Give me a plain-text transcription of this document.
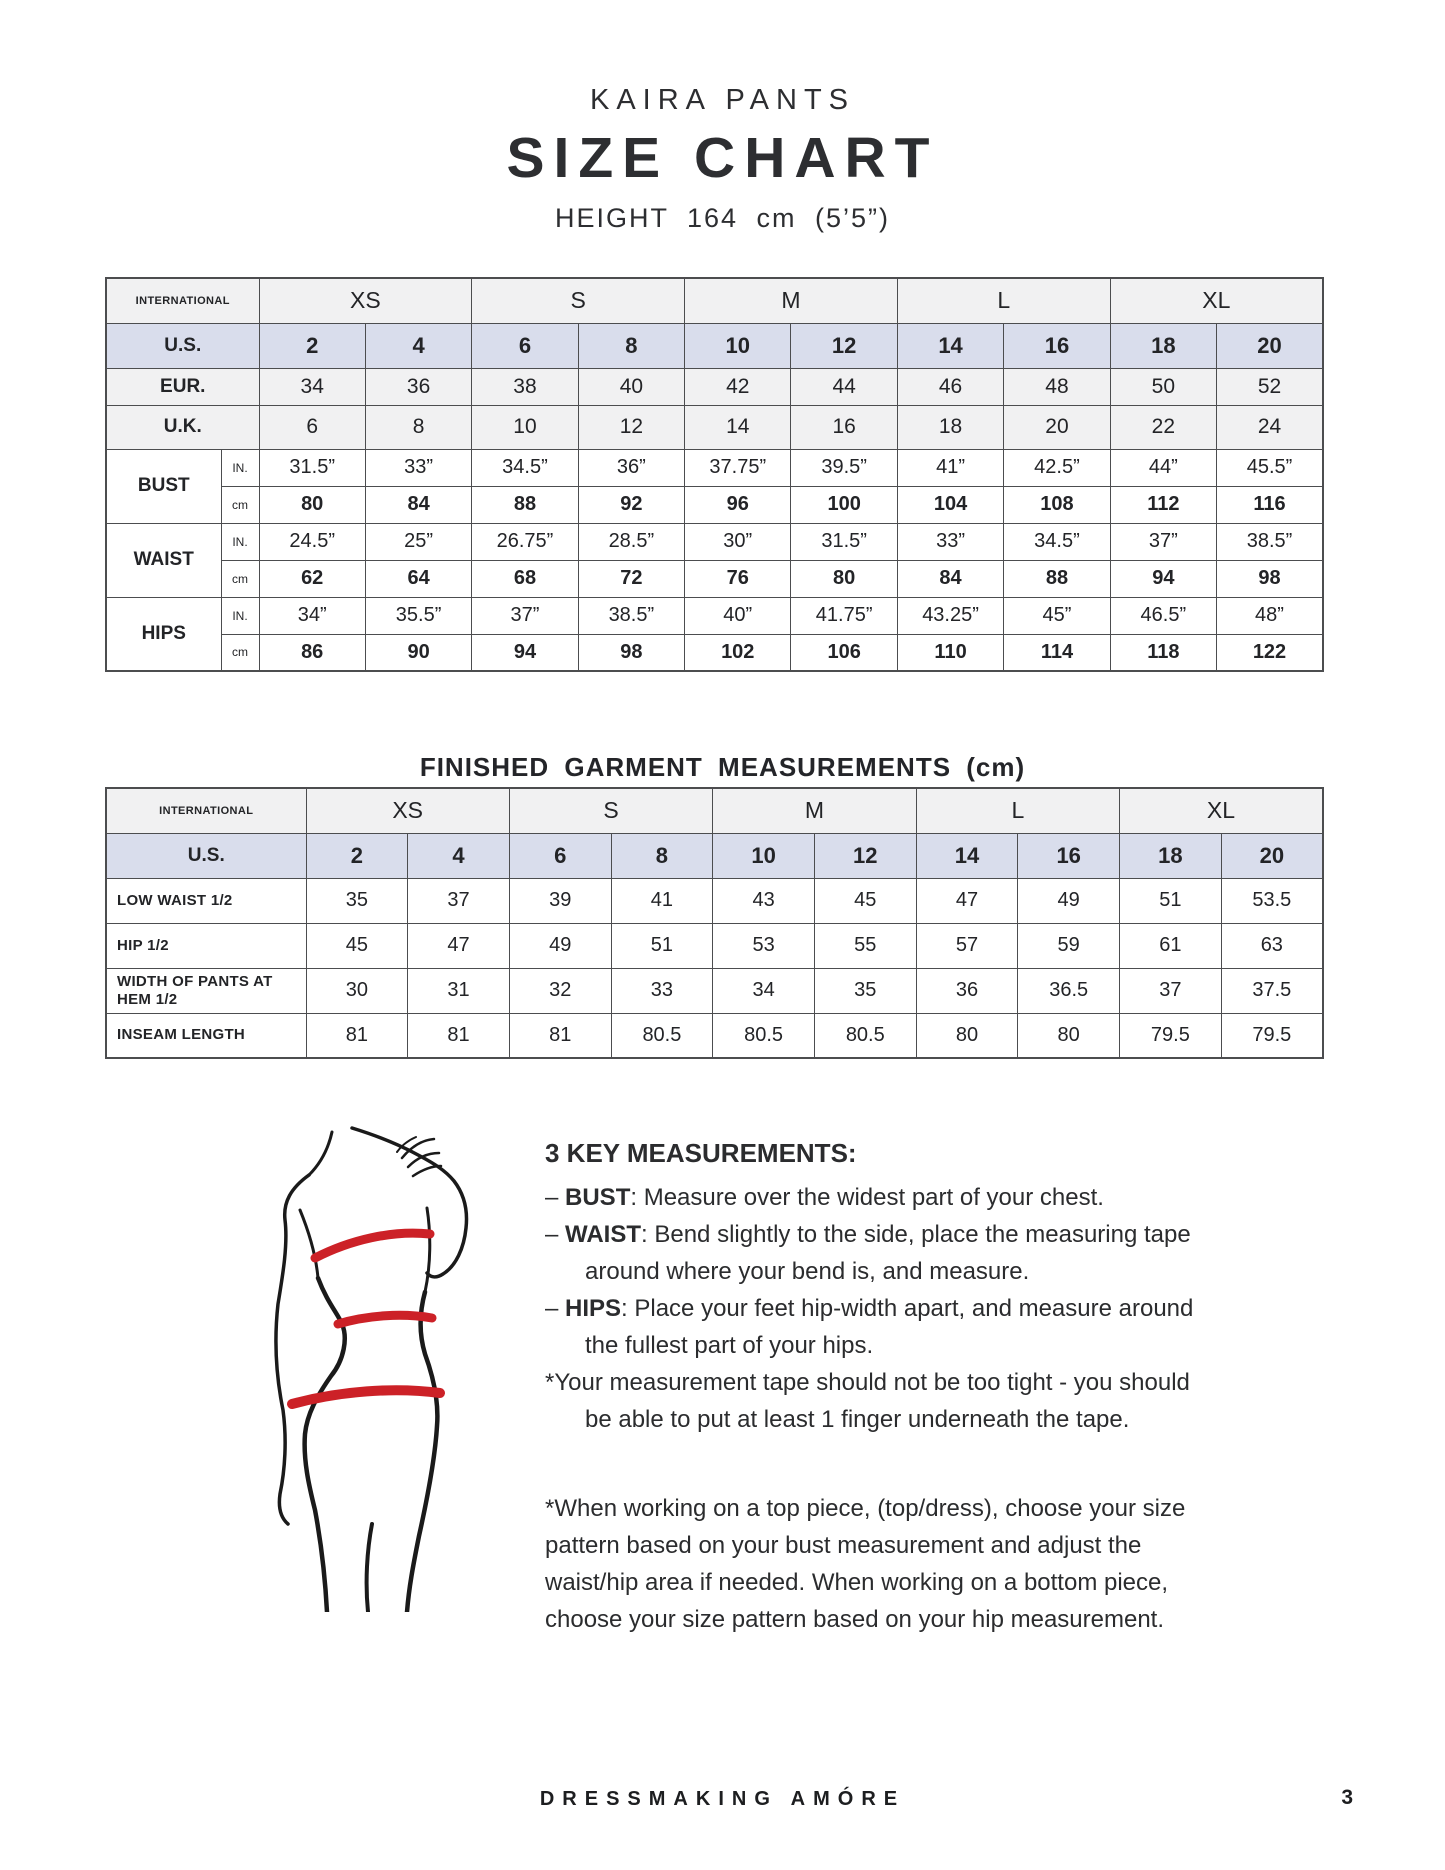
KAIRA PANTS
SIZE CHART
HEIGHT 164 cm (5’5”)
INTERNATIONAL		XS		S		M		L		XL	
U.S.		2	4	6	8	10	12	14	16	18	20
EUR.		34	36	38	40	42	44	46	48	50	52
U.K.		6	8	10	12	14	16	18	20	22	24
BUST	IN.	31.5”	33”	34.5”	36”	37.75”	39.5”	41”	42.5”	44”	45.5”
	cm	80	84	88	92	96	100	104	108	112	116
WAIST	IN.	24.5”	25”	26.75”	28.5”	30”	31.5”	33”	34.5”	37”	38.5”
	cm	62	64	68	72	76	80	84	88	94	98
HIPS	IN.	34”	35.5”	37”	38.5”	40”	41.75”	43.25”	45”	46.5”	48”
	cm	86	90	94	98	102	106	110	114	118	122
FINISHED GARMENT MEASUREMENTS (cm)
INTERNATIONAL	XS		S		M		L		XL	
U.S.	2	4	6	8	10	12	14	16	18	20
LOW WAIST 1/2	35	37	39	41	43	45	47	49	51	53.5
HIP 1/2	45	47	49	51	53	55	57	59	61	63
WIDTH OF PANTS AT HEM 1/2	30	31	32	33	34	35	36	36.5	37	37.5
INSEAM LENGTH	81	81	81	80.5	80.5	80.5	80	80	79.5	79.5
3 KEY MEASUREMENTS:
– BUST: Measure over the widest part of your chest.
– WAIST: Bend slightly to the side, place the measuring tape around where your bend is, and measure.
– HIPS: Place your feet hip-width apart, and measure around the fullest part of your hips.
*Your measurement tape should not be too tight - you should be able to put at least 1 finger underneath the tape.
*When working on a top piece, (top/dress), choose your size pattern based on your bust measurement and adjust the waist/hip area if needed. When working on a bottom piece, choose your size pattern based on your hip measurement.
DRESSMAKING AMÓRE	3
